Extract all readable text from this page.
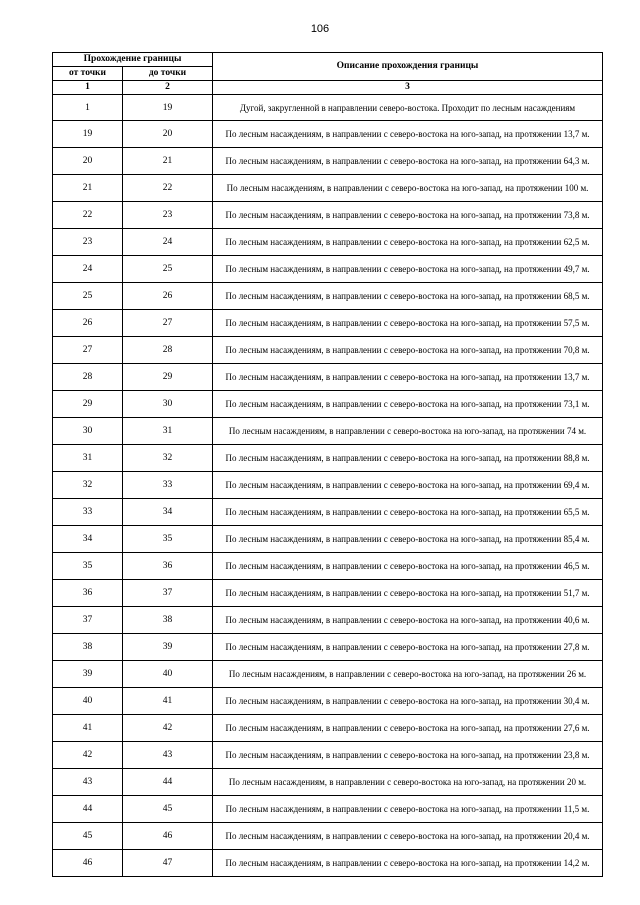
106
Прохождение границы		Описание прохождения границы
от точки	до точки	
1	2	3
1	19	Дугой, закругленной в направлении северо-востока. Проходит по лесным насаждениям
19	20	По лесным насаждениям, в направлении с северо-востока на юго-запад, на протяжении 13,7 м.
20	21	По лесным насаждениям, в направлении с северо-востока на юго-запад, на протяжении 64,3 м.
21	22	По лесным насаждениям, в направлении с северо-востока на юго-запад, на протяжении 100 м.
22	23	По лесным насаждениям, в направлении с северо-востока на юго-запад, на протяжении 73,8 м.
23	24	По лесным насаждениям, в направлении с северо-востока на юго-запад, на протяжении 62,5 м.
24	25	По лесным насаждениям, в направлении с северо-востока на юго-запад, на протяжении 49,7 м.
25	26	По лесным насаждениям, в направлении с северо-востока на юго-запад, на протяжении 68,5 м.
26	27	По лесным насаждениям, в направлении с северо-востока на юго-запад, на протяжении 57,5 м.
27	28	По лесным насаждениям, в направлении с северо-востока на юго-запад, на протяжении 70,8 м.
28	29	По лесным насаждениям, в направлении с северо-востока на юго-запад, на протяжении 13,7 м.
29	30	По лесным насаждениям, в направлении с северо-востока на юго-запад, на протяжении 73,1 м.
30	31	По лесным насаждениям, в направлении с северо-востока на юго-запад, на протяжении 74 м.
31	32	По лесным насаждениям, в направлении с северо-востока на юго-запад, на протяжении 88,8 м.
32	33	По лесным насаждениям, в направлении с северо-востока на юго-запад, на протяжении 69,4 м.
33	34	По лесным насаждениям, в направлении с северо-востока на юго-запад, на протяжении 65,5 м.
34	35	По лесным насаждениям, в направлении с северо-востока на юго-запад, на протяжении 85,4 м.
35	36	По лесным насаждениям, в направлении с северо-востока на юго-запад, на протяжении 46,5 м.
36	37	По лесным насаждениям, в направлении с северо-востока на юго-запад, на протяжении 51,7 м.
37	38	По лесным насаждениям, в направлении с северо-востока на юго-запад, на протяжении 40,6 м.
38	39	По лесным насаждениям, в направлении с северо-востока на юго-запад, на протяжении 27,8 м.
39	40	По лесным насаждениям, в направлении с северо-востока на юго-запад, на протяжении 26 м.
40	41	По лесным насаждениям, в направлении с северо-востока на юго-запад, на протяжении 30,4 м.
41	42	По лесным насаждениям, в направлении с северо-востока на юго-запад, на протяжении 27,6 м.
42	43	По лесным насаждениям, в направлении с северо-востока на юго-запад, на протяжении 23,8 м.
43	44	По лесным насаждениям, в направлении с северо-востока на юго-запад, на протяжении 20 м.
44	45	По лесным насаждениям, в направлении с северо-востока на юго-запад, на протяжении 11,5 м.
45	46	По лесным насаждениям, в направлении с северо-востока на юго-запад, на протяжении 20,4 м.
46	47	По лесным насаждениям, в направлении с северо-востока на юго-запад, на протяжении 14,2 м.
